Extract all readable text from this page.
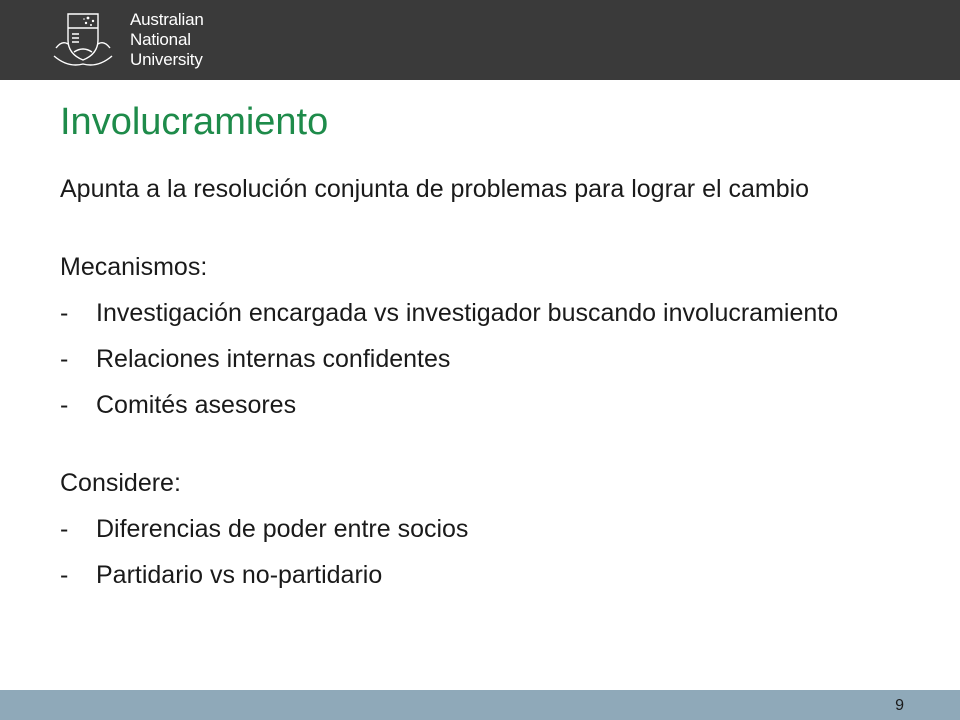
Australian
National
University
Involucramiento

Apunta a la resolución conjunta de problemas para lograr el cambio

Mecanismos:

-	Investigación encargada vs investigador buscando involucramiento
-	Relaciones internas confidentes
-	Comités asesores

Considere:

-	Diferencias de poder entre socios
-	Partidario vs no-partidario
9
